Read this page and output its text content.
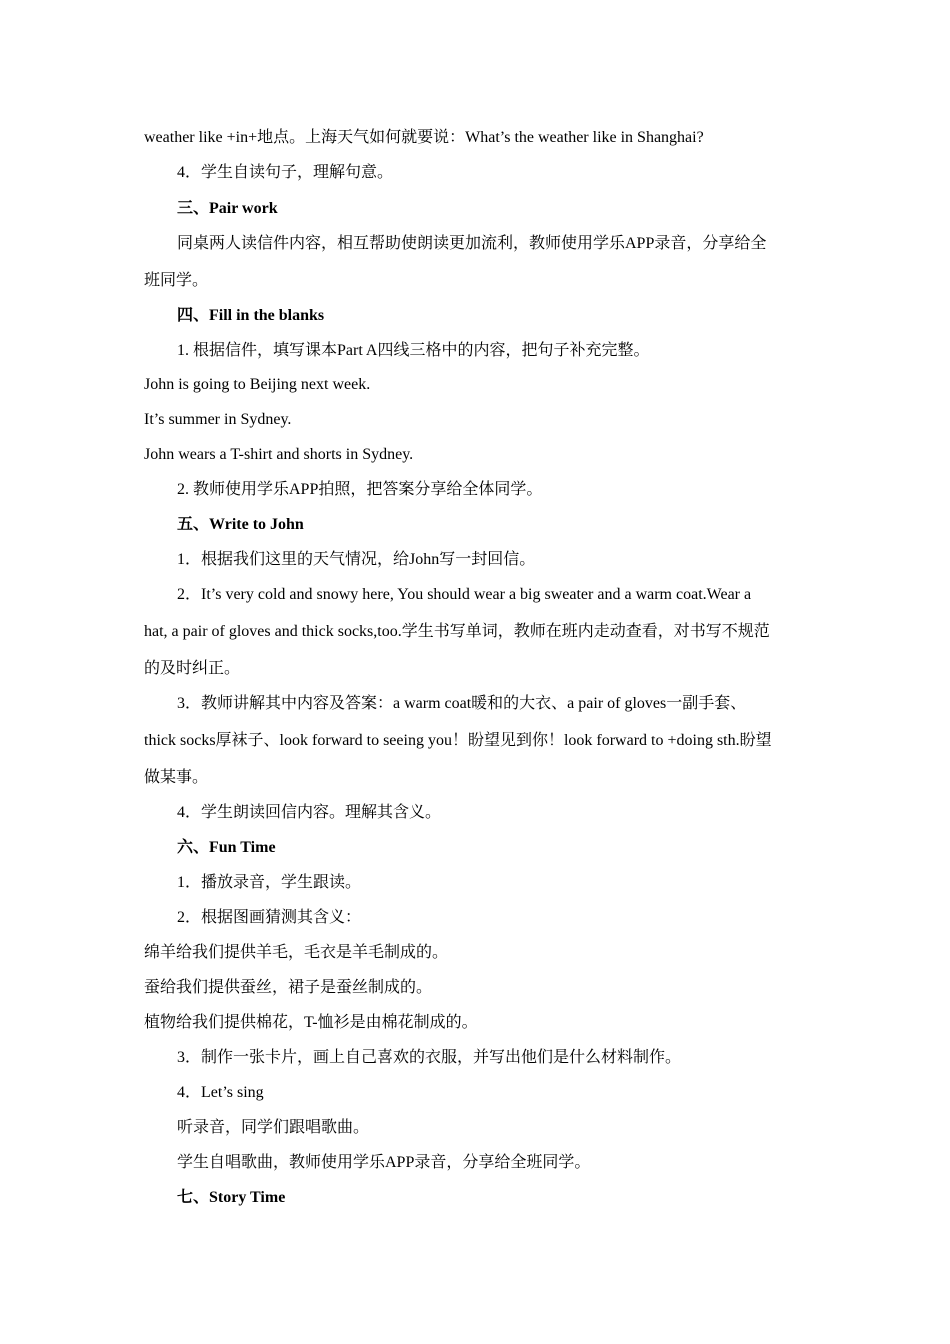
weather like +in+地点。上海天气如何就要说：What’s the weather like in Shanghai?
4．学生自读句子，理解句意。
三、Pair work
同桌两人读信件内容，相互帮助使朗读更加流利，教师使用学乐APP录音，分享给全
班同学。
四、Fill in the blanks
1. 根据信件，填写课本Part A四线三格中的内容，把句子补充完整。
John is going to Beijing next week.
It’s summer in Sydney.
John wears a T-shirt and shorts in Sydney.
2. 教师使用学乐APP拍照，把答案分享给全体同学。
五、Write to John
1．根据我们这里的天气情况，给John写一封回信。
2．It’s very cold and snowy here, You should wear a big sweater and a warm coat.Wear a
hat, a pair of gloves and thick socks,too.学生书写单词，教师在班内走动查看，对书写不规范
的及时纠正。
3．教师讲解其中内容及答案：a warm coat暖和的大衣、a pair of gloves一副手套、
thick socks厚袜子、look forward to seeing you！盼望见到你！look forward to +doing sth.盼望
做某事。
4．学生朗读回信内容。理解其含义。
六、Fun Time
1．播放录音，学生跟读。
2．根据图画猜测其含义：
绵羊给我们提供羊毛，毛衣是羊毛制成的。
蚕给我们提供蚕丝，裙子是蚕丝制成的。
植物给我们提供棉花，T-恤衫是由棉花制成的。
3．制作一张卡片，画上自己喜欢的衣服，并写出他们是什么材料制作。
4．Let’s sing
听录音，同学们跟唱歌曲。
学生自唱歌曲，教师使用学乐APP录音，分享给全班同学。
七、Story Time
